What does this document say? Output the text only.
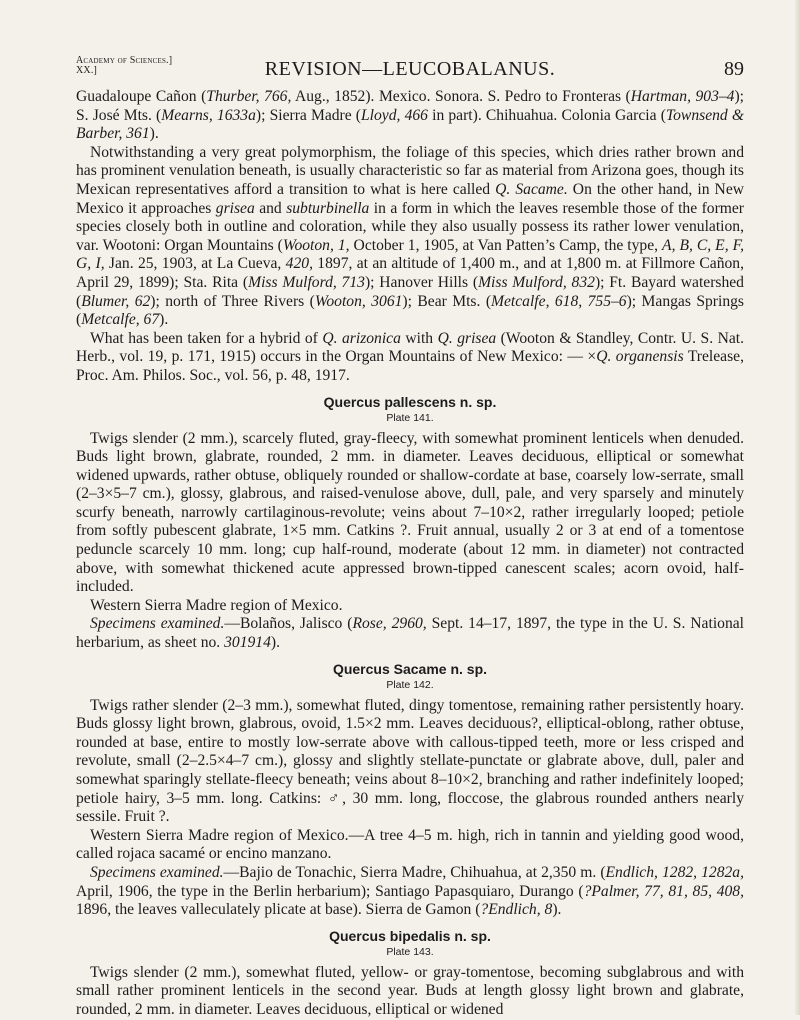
Academy of Sciences.]
XX.]	REVISION—LEUCOBALANUS.	89

Guadaloupe Cañon (Thurber, 766, Aug., 1852). Mexico. Sonora. S. Pedro to Fronteras (Hartman, 903–4); S. José Mts. (Mearns, 1633a); Sierra Madre (Lloyd, 466 in part). Chihuahua. Colonia Garcia (Townsend & Barber, 361).

Notwithstanding a very great polymorphism, the foliage of this species, which dries rather brown and has prominent venulation beneath, is usually characteristic so far as material from Arizona goes, though its Mexican representatives afford a transition to what is here called Q. Sacame. On the other hand, in New Mexico it approaches grisea and subturbinella in a form in which the leaves resemble those of the former species closely both in outline and coloration, while they also usually possess its rather lower venulation, var. Wootoni: Organ Mountains (Wooton, 1, October 1, 1905, at Van Patten’s Camp, the type, A, B, C, E, F, G, I, Jan. 25, 1903, at La Cueva, 420, 1897, at an altitude of 1,400 m., and at 1,800 m. at Fillmore Cañon, April 29, 1899); Sta. Rita (Miss Mulford, 713); Hanover Hills (Miss Mulford, 832); Ft. Bayard watershed (Blumer, 62); north of Three Rivers (Wooton, 3061); Bear Mts. (Metcalfe, 618, 755–6); Mangas Springs (Metcalfe, 67).

What has been taken for a hybrid of Q. arizonica with Q. grisea (Wooton & Standley, Contr. U. S. Nat. Herb., vol. 19, p. 171, 1915) occurs in the Organ Mountains of New Mexico: — ×Q. organensis Trelease, Proc. Am. Philos. Soc., vol. 56, p. 48, 1917.

Quercus pallescens n. sp.
Plate 141.

Twigs slender (2 mm.), scarcely fluted, gray-fleecy, with somewhat prominent lenticels when denuded. Buds light brown, glabrate, rounded, 2 mm. in diameter. Leaves deciduous, elliptical or somewhat widened upwards, rather obtuse, obliquely rounded or shallow-cordate at base, coarsely low-serrate, small (2–3×5–7 cm.), glossy, glabrous, and raised-venulose above, dull, pale, and very sparsely and minutely scurfy beneath, narrowly cartilaginous-revolute; veins about 7–10×2, rather irregularly looped; petiole from softly pubescent glabrate, 1×5 mm. Catkins ?. Fruit annual, usually 2 or 3 at end of a tomentose peduncle scarcely 10 mm. long; cup half-round, moderate (about 12 mm. in diameter) not contracted above, with somewhat thickened acute appressed brown-tipped canescent scales; acorn ovoid, half-included.

Western Sierra Madre region of Mexico.

Specimens examined.—Bolaños, Jalisco (Rose, 2960, Sept. 14–17, 1897, the type in the U. S. National herbarium, as sheet no. 301914).

Quercus Sacame n. sp.
Plate 142.

Twigs rather slender (2–3 mm.), somewhat fluted, dingy tomentose, remaining rather persistently hoary. Buds glossy light brown, glabrous, ovoid, 1.5×2 mm. Leaves deciduous?, elliptical-oblong, rather obtuse, rounded at base, entire to mostly low-serrate above with callous-tipped teeth, more or less crisped and revolute, small (2–2.5×4–7 cm.), glossy and slightly stellate-punctate or glabrate above, dull, paler and somewhat sparingly stellate-fleecy beneath; veins about 8–10×2, branching and rather indefinitely looped; petiole hairy, 3–5 mm. long. Catkins: ♂, 30 mm. long, floccose, the glabrous rounded anthers nearly sessile. Fruit ?.

Western Sierra Madre region of Mexico.—A tree 4–5 m. high, rich in tannin and yielding good wood, called rojaca sacamé or encino manzano.

Specimens examined.—Bajio de Tonachic, Sierra Madre, Chihuahua, at 2,350 m. (Endlich, 1282, 1282a, April, 1906, the type in the Berlin herbarium); Santiago Papasquiaro, Durango (?Palmer, 77, 81, 85, 408, 1896, the leaves valleculately plicate at base). Sierra de Gamon (?Endlich, 8).

Quercus bipedalis n. sp.
Plate 143.

Twigs slender (2 mm.), somewhat fluted, yellow- or gray-tomentose, becoming subglabrous and with small rather prominent lenticels in the second year. Buds at length glossy light brown and glabrate, rounded, 2 mm. in diameter. Leaves deciduous, elliptical or widened
